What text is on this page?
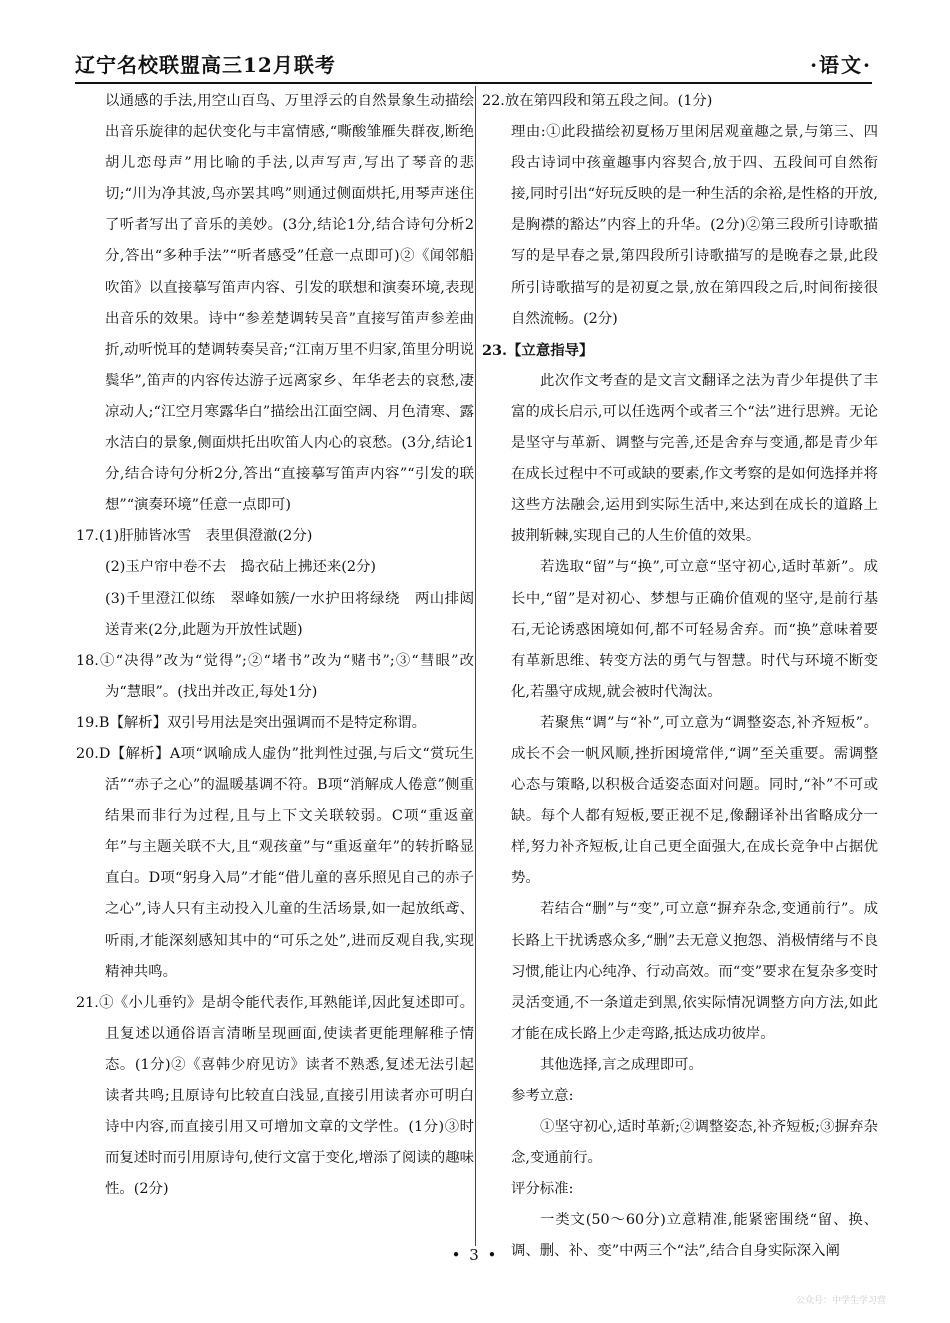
辽宁名校联盟高三12月联考	·语文·

以通感的手法,用空山百鸟、万里浮云的自然景象生动描绘出音乐旋律的起伏变化与丰富情感,“嘶酸雏雁失群夜,断绝胡儿恋母声”用比喻的手法,以声写声,写出了琴音的悲切;“川为净其波,鸟亦罢其鸣”则通过侧面烘托,用琴声迷住了听者写出了音乐的美妙。(3分,结论1分,结合诗句分析2分,答出“多种手法”“听者感受”任意一点即可)②《闻邻船吹笛》以直接摹写笛声内容、引发的联想和演奏环境,表现出音乐的效果。诗中“参差楚调转吴音”直接写笛声参差曲折,动听悦耳的楚调转奏吴音;“江南万里不归家,笛里分明说鬓华”,笛声的内容传达游子远离家乡、年华老去的哀愁,凄凉动人;“江空月寒露华白”描绘出江面空阔、月色清寒、露水洁白的景象,侧面烘托出吹笛人内心的哀愁。(3分,结论1分,结合诗句分析2分,答出“直接摹写笛声内容”“引发的联想”“演奏环境”任意一点即可)

17.(1)肝肺皆冰雪　表里俱澄澈(2分)

(2)玉户帘中卷不去　捣衣砧上拂还来(2分)

(3)千里澄江似练　翠峰如簇/一水护田将绿绕　两山排闼送青来(2分,此题为开放性试题)

18.①“决得”改为“觉得”;②“堵书”改为“赌书”;③“彗眼”改为“慧眼”。(找出并改正,每处1分)

19.B【解析】双引号用法是突出强调而不是特定称谓。

20.D【解析】A项“讽喻成人虚伪”批判性过强,与后文“赏玩生活”“赤子之心”的温暖基调不符。B项“消解成人倦意”侧重结果而非行为过程,且与上下文关联较弱。C项“重返童年”与主题关联不大,且“观孩童”与“重返童年”的转折略显直白。D项“躬身入局”才能“借儿童的喜乐照见自己的赤子之心”,诗人只有主动投入儿童的生活场景,如一起放纸鸢、听雨,才能深刻感知其中的“可乐之处”,进而反观自我,实现精神共鸣。

21.①《小儿垂钓》是胡令能代表作,耳熟能详,因此复述即可。且复述以通俗语言清晰呈现画面,使读者更能理解稚子情态。(1分)②《喜韩少府见访》读者不熟悉,复述无法引起读者共鸣;且原诗句比较直白浅显,直接引用读者亦可明白诗中内容,而直接引用又可增加文章的文学性。(1分)③时而复述时而引用原诗句,使行文富于变化,增添了阅读的趣味性。(2分)

22.放在第四段和第五段之间。(1分)

理由:①此段描绘初夏杨万里闲居观童趣之景,与第三、四段古诗词中孩童趣事内容契合,放于四、五段间可自然衔接,同时引出“好玩反映的是一种生活的余裕,是性格的开放,是胸襟的豁达”内容上的升华。(2分)②第三段所引诗歌描写的是早春之景,第四段所引诗歌描写的是晚春之景,此段所引诗歌描写的是初夏之景,放在第四段之后,时间衔接很自然流畅。(2分)

23.【立意指导】

此次作文考查的是文言文翻译之法为青少年提供了丰富的成长启示,可以任选两个或者三个“法”进行思辨。无论是坚守与革新、调整与完善,还是舍弃与变通,都是青少年在成长过程中不可或缺的要素,作文考察的是如何选择并将这些方法融会,运用到实际生活中,来达到在成长的道路上披荆斩棘,实现自己的人生价值的效果。

若选取“留”与“换”,可立意“坚守初心,适时革新”。成长中,“留”是对初心、梦想与正确价值观的坚守,是前行基石,无论诱惑困境如何,都不可轻易舍弃。而“换”意味着要有革新思维、转变方法的勇气与智慧。时代与环境不断变化,若墨守成规,就会被时代淘汰。

若聚焦“调”与“补”,可立意为“调整姿态,补齐短板”。成长不会一帆风顺,挫折困境常伴,“调”至关重要。需调整心态与策略,以积极合适姿态面对问题。同时,“补”不可或缺。每个人都有短板,要正视不足,像翻译补出省略成分一样,努力补齐短板,让自己更全面强大,在成长竞争中占据优势。

若结合“删”与“变”,可立意“摒弃杂念,变通前行”。成长路上干扰诱惑众多,“删”去无意义抱怨、消极情绪与不良习惯,能让内心纯净、行动高效。而“变”要求在复杂多变时灵活变通,不一条道走到黑,依实际情况调整方向方法,如此才能在成长路上少走弯路,抵达成功彼岸。

其他选择,言之成理即可。

参考立意:

①坚守初心,适时革新;②调整姿态,补齐短板;③摒弃杂念,变通前行。

评分标准:

一类文(50～60分)立意精准,能紧密围绕“留、换、调、删、补、变”中两三个“法”,结合自身实际深入阐

• 3 •
公众号：中学生学习营
